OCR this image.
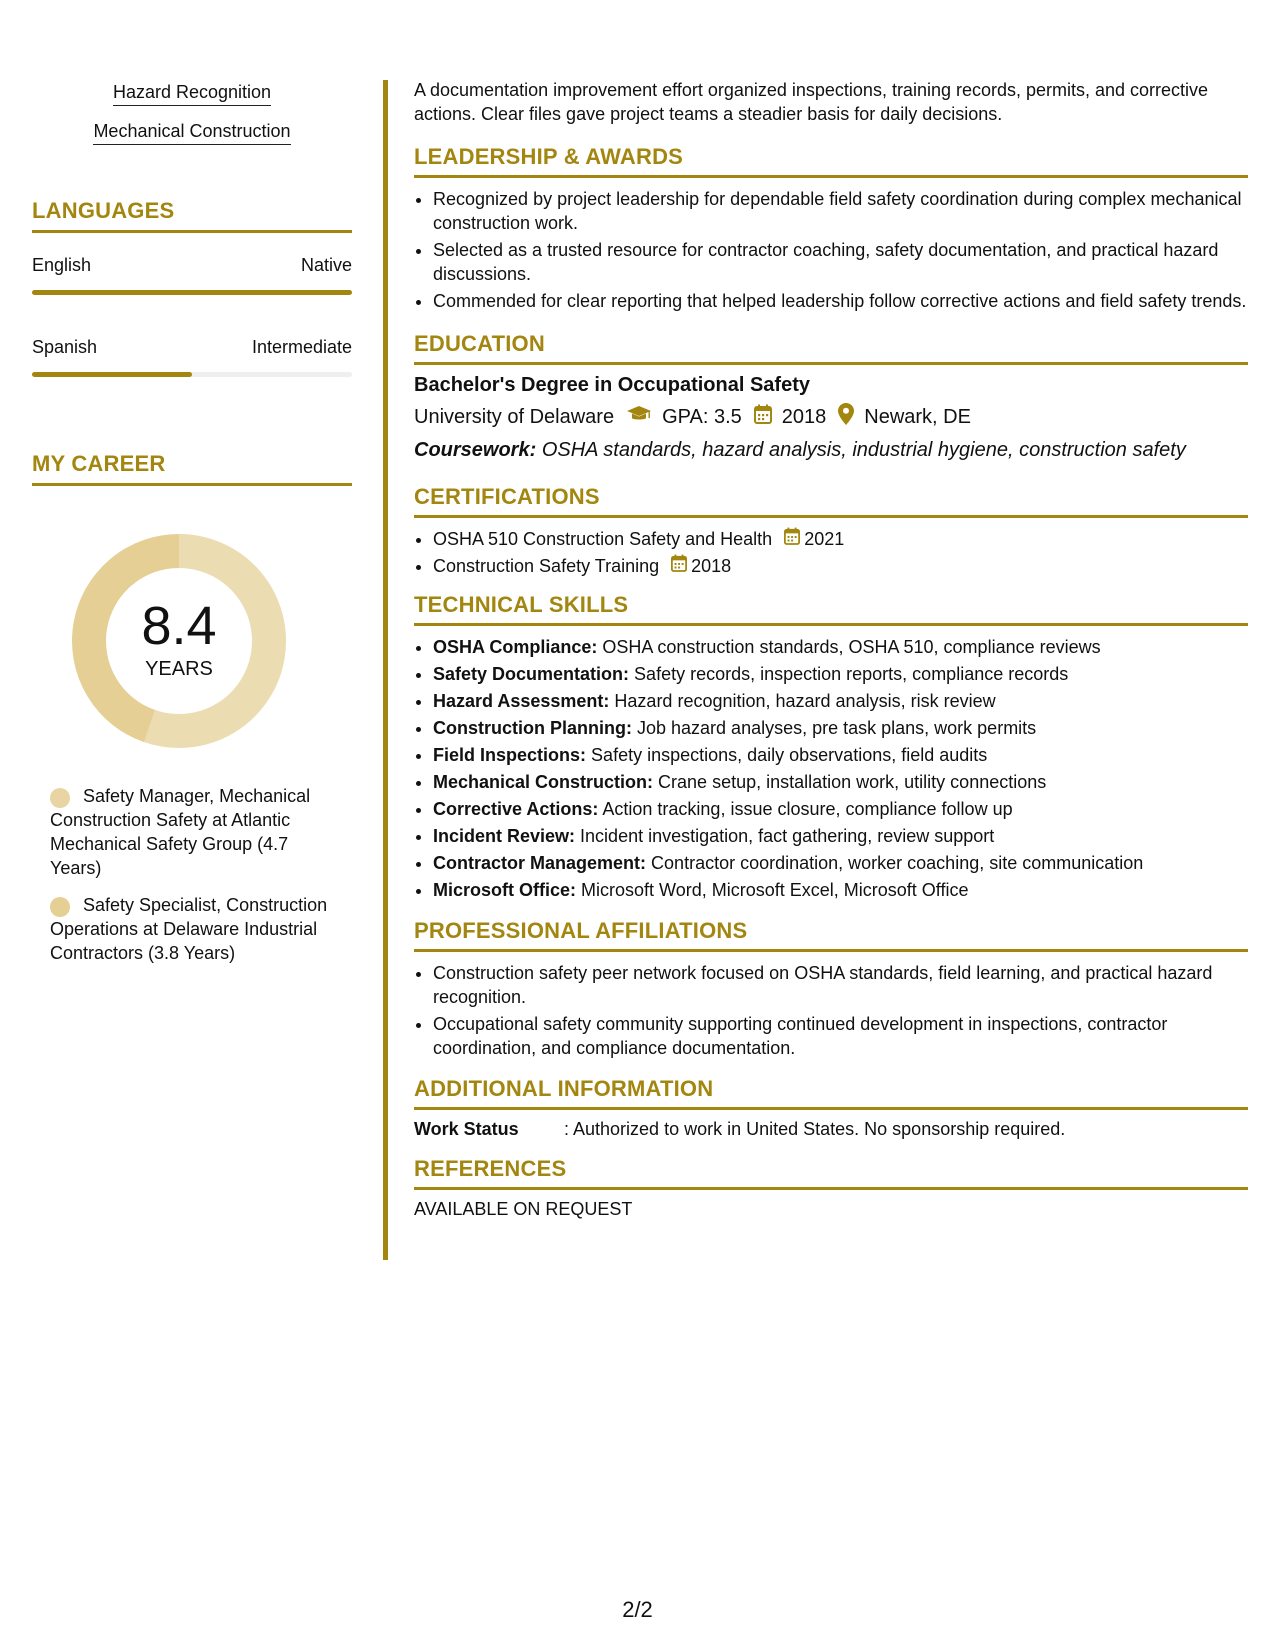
Hazard Recognition
Mechanical Construction
LANGUAGES
English	Native
Spanish	Intermediate
MY CAREER
8.4
YEARS
Safety Manager, Mechanical Construction Safety at Atlantic Mechanical Safety Group (4.7 Years)
Safety Specialist, Construction Operations at Delaware Industrial Contractors (3.8 Years)

A documentation improvement effort organized inspections, training records, permits, and corrective actions. Clear files gave project teams a steadier basis for daily decisions.

LEADERSHIP & AWARDS
• Recognized by project leadership for dependable field safety coordination during complex mechanical construction work.
• Selected as a trusted resource for contractor coaching, safety documentation, and practical hazard discussions.
• Commended for clear reporting that helped leadership follow corrective actions and field safety trends.
EDUCATION
Bachelor's Degree in Occupational Safety
University of Delaware GPA: 3.5 2018 Newark, DE
Coursework: OSHA standards, hazard analysis, industrial hygiene, construction safety
CERTIFICATIONS
• OSHA 510 Construction Safety and Health 2021
• Construction Safety Training 2018
TECHNICAL SKILLS
• OSHA Compliance: OSHA construction standards, OSHA 510, compliance reviews
• Safety Documentation: Safety records, inspection reports, compliance records
• Hazard Assessment: Hazard recognition, hazard analysis, risk review
• Construction Planning: Job hazard analyses, pre task plans, work permits
• Field Inspections: Safety inspections, daily observations, field audits
• Mechanical Construction: Crane setup, installation work, utility connections
• Corrective Actions: Action tracking, issue closure, compliance follow up
• Incident Review: Incident investigation, fact gathering, review support
• Contractor Management: Contractor coordination, worker coaching, site communication
• Microsoft Office: Microsoft Word, Microsoft Excel, Microsoft Office
PROFESSIONAL AFFILIATIONS
• Construction safety peer network focused on OSHA standards, field learning, and practical hazard recognition.
• Occupational safety community supporting continued development in inspections, contractor coordination, and compliance documentation.
ADDITIONAL INFORMATION
Work Status	: Authorized to work in United States. No sponsorship required.
REFERENCES
AVAILABLE ON REQUEST
2/2
